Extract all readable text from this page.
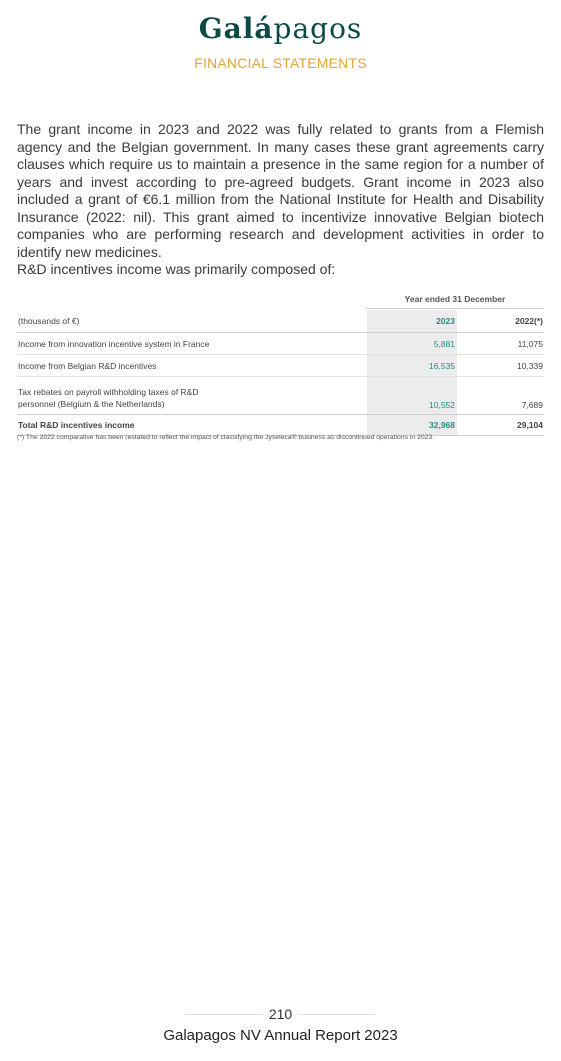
Galápagos
FINANCIAL STATEMENTS

The grant income in 2023 and 2022 was fully related to grants from a Flemish agency and the Belgian government. In many cases these grant agreements carry clauses which require us to maintain a presence in the same region for a number of years and invest according to pre-agreed budgets. Grant income in 2023 also included a grant of €6.1 million from the National Institute for Health and Disability Insurance (2022: nil). This grant aimed to incentivize innovative Belgian biotech companies who are performing research and development activities in order to identify new medicines.

R&D incentives income was primarily composed of:

Year ended 31 December
(thousands of €)	2023	2022(*)
Income from innovation incentive system in France	5,881	11,075
Income from Belgian R&D incentives	16,535	10,339
Tax rebates on payroll withholding taxes of R&D personnel (Belgium & the Netherlands)	10,552	7,689
Total R&D incentives income	32,968	29,104
(*) The 2022 comparative has been restated to reflect the impact of classifying the Jyseleca® business as discontinued operations in 2023.
210
Galapagos NV Annual Report 2023
